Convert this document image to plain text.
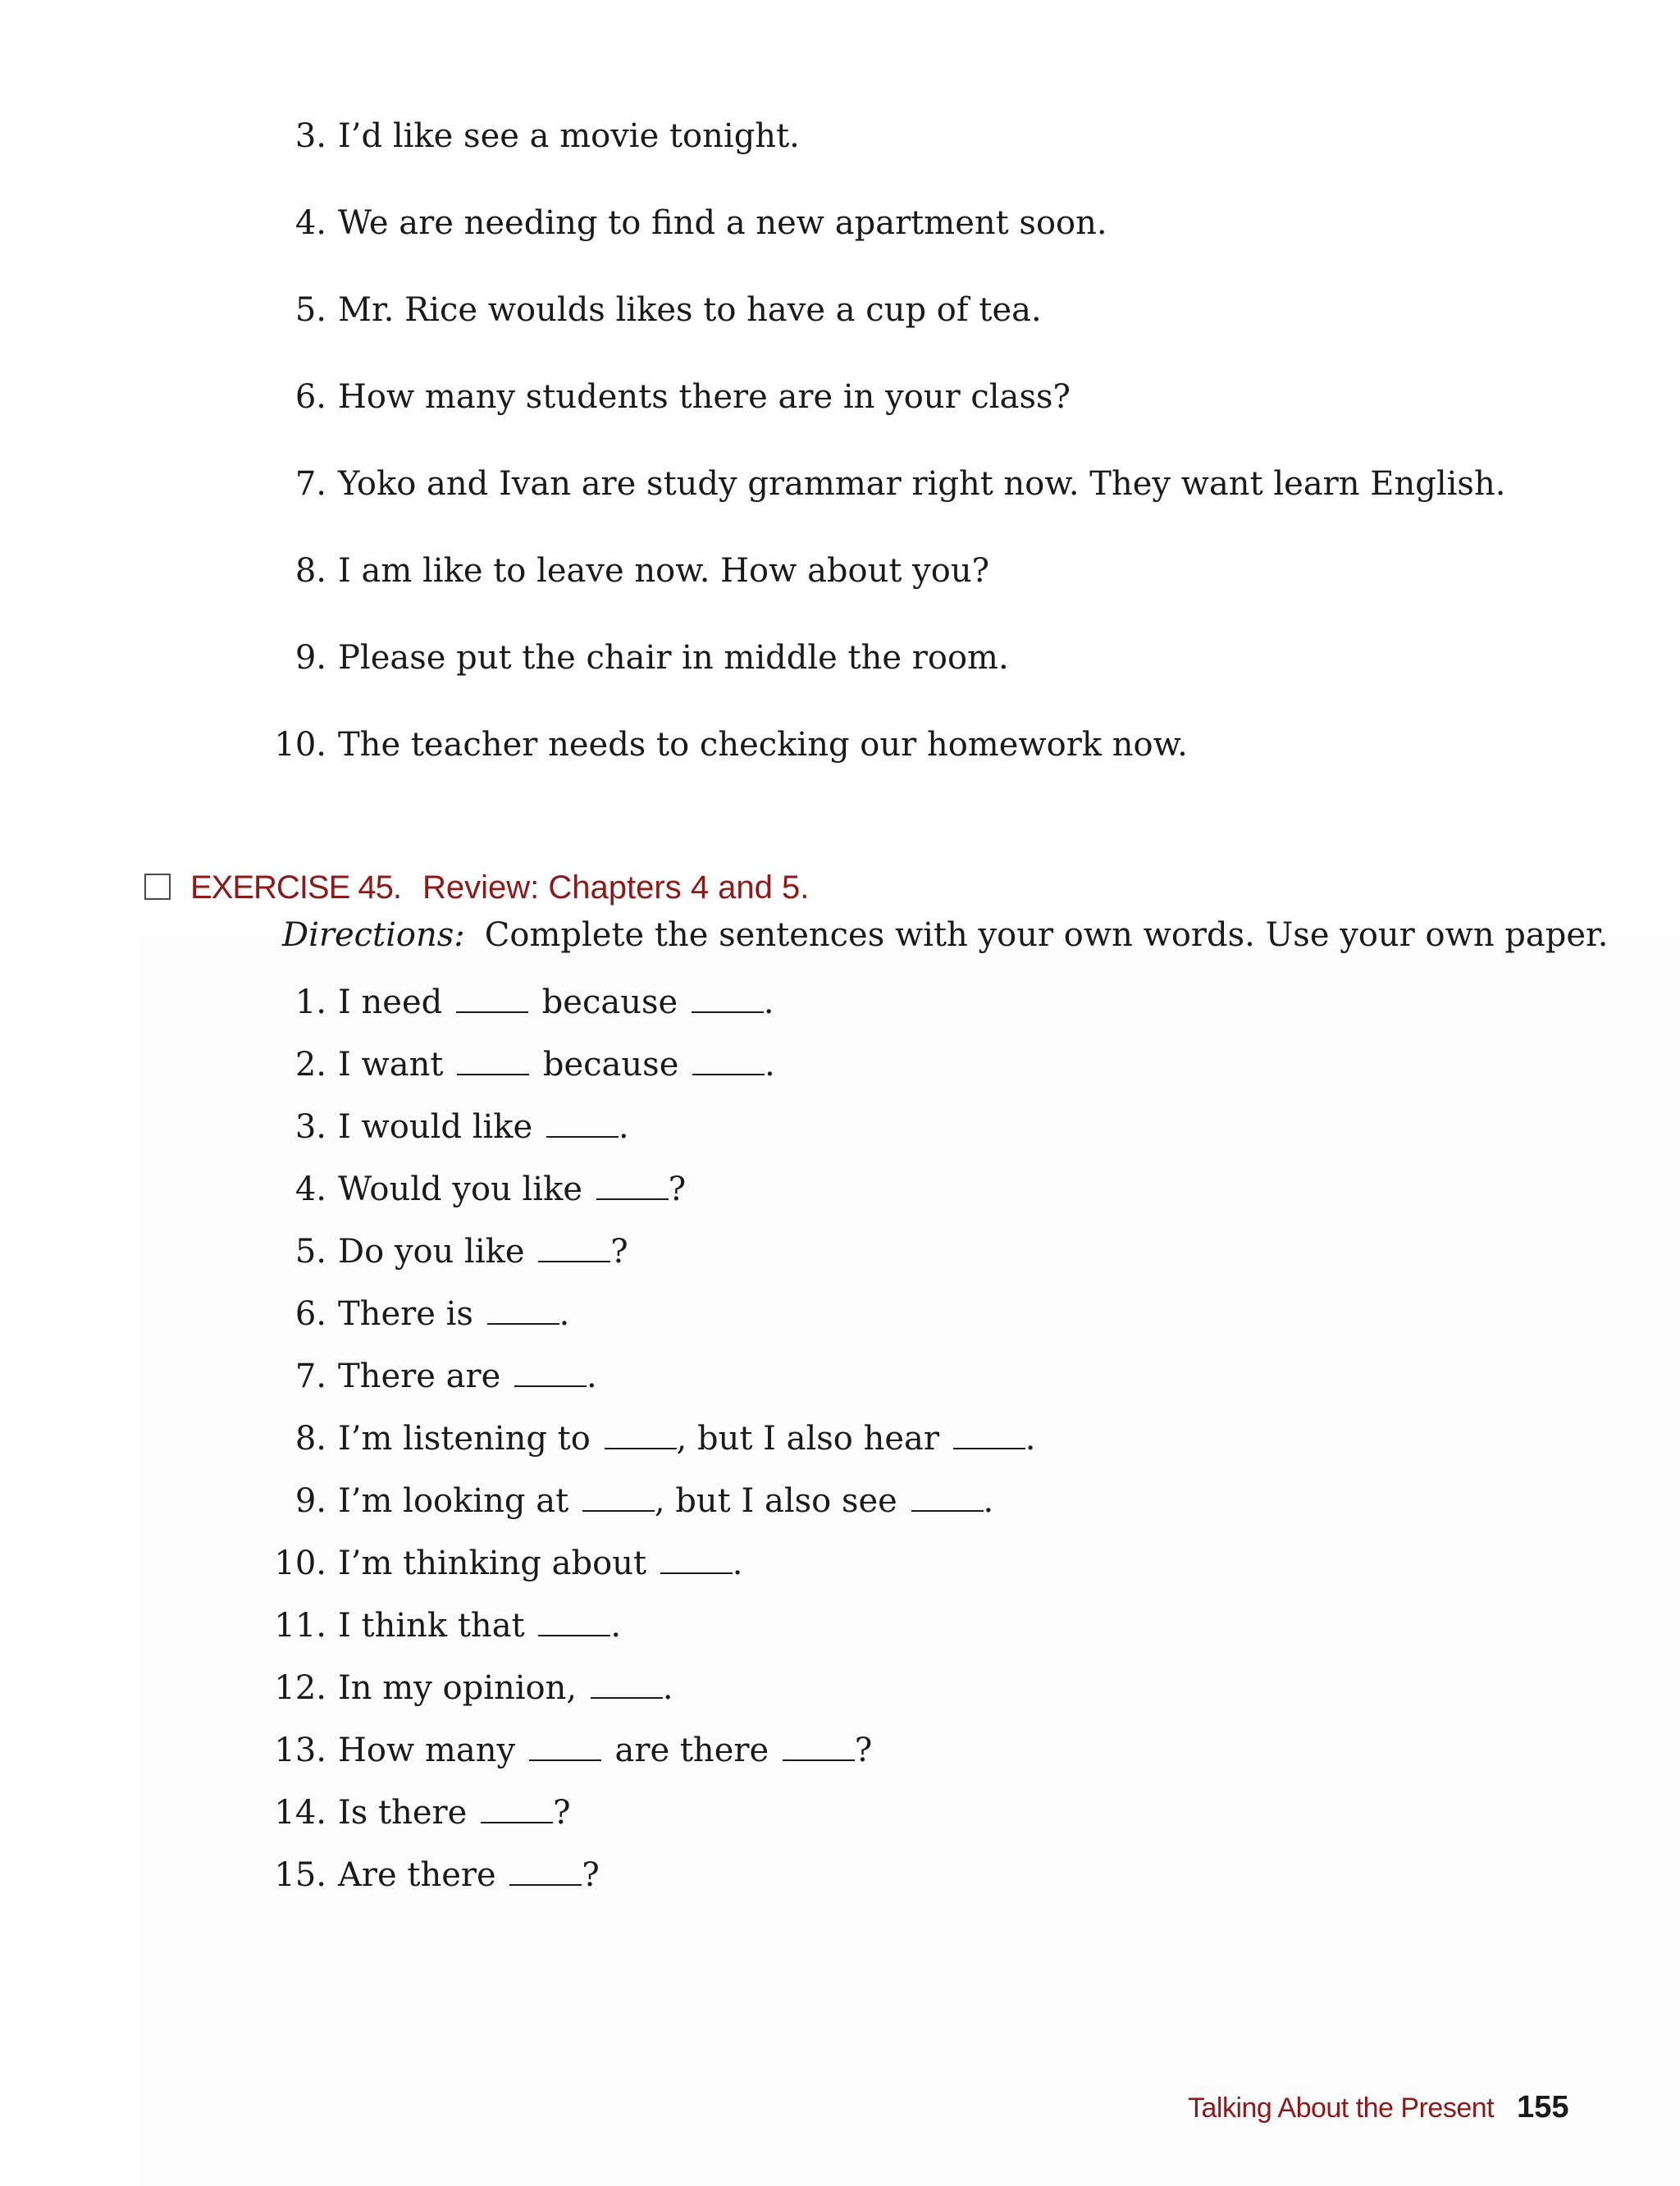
3. I’d like see a movie tonight.
4. We are needing to find a new apartment soon.
5. Mr. Rice woulds likes to have a cup of tea.
6. How many students there are in your class?
7. Yoko and Ivan are study grammar right now. They want learn English.
8. I am like to leave now. How about you?
9. Please put the chair in middle the room.
10. The teacher needs to checking our homework now.
EXERCISE 45. Review: Chapters 4 and 5.
Directions: Complete the sentences with your own words. Use your own paper.
1. I need	because	.
2. I want	because	.
3. I would like	.
4. Would you like	?
5. Do you like	?
6. There is	.
7. There are	.
8. I’m listening to	, but I also hear	.
9. I’m looking at	, but I also see	.
10. I’m thinking about	.
11. I think that	.
12. In my opinion,	.
13. How many	are there	?
14. Is there	?
15. Are there	?
Talking About the Present 155
